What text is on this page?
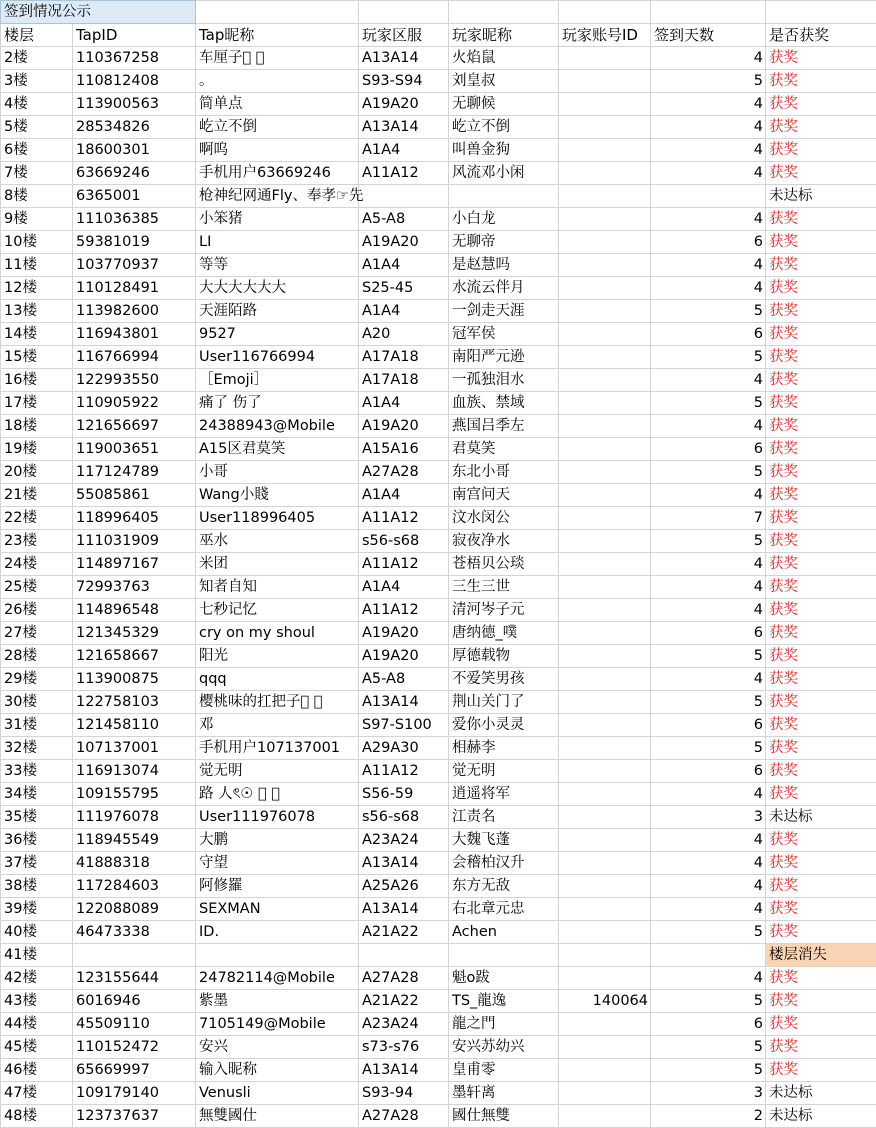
签到情况公示							
楼层	TapID	Tap昵称	玩家区服	玩家昵称	玩家账号ID	签到天数	是否获奖
2楼	110367258	车厘子􏿽 􏿽	A13A14	火焰鼠		4	获奖
3楼	110812408	。	S93-S94	刘皇叔		5	获奖
4楼	113900563	简单点	A19A20	无聊候		4	获奖
5楼	28534826	屹立不倒	A13A14	屹立不倒		4	获奖
6楼	18600301	啊呜	A1A4	叫兽金狗		4	获奖
7楼	63669246	手机用户63669246	A11A12	风流邓小闲		4	获奖
8楼	6365001	枪神纪网通Fly、奉孝☞先					未达标
9楼	111036385	小笨猪	A5-A8	小白龙		4	获奖
10楼	59381019	LI	A19A20	无聊帝		6	获奖
11楼	103770937	等等	A1A4	是赵慧吗		4	获奖
12楼	110128491	大大大大大大	S25-45	水流云伴月		4	获奖
13楼	113982600	天涯陌路	A1A4	一剑走天涯		5	获奖
14楼	116943801	9527	A20	冠军侯		6	获奖
15楼	116766994	User116766994	A17A18	南阳严元逊		5	获奖
16楼	122993550	［Emoji］	A17A18	一孤独泪水		4	获奖
17楼	110905922	痛了 伤了	A1A4	血族、禁域		5	获奖
18楼	121656697	24388943@Mobile	A19A20	燕国吕季左		4	获奖
19楼	119003651	A15区君莫笑	A15A16	君莫笑		6	获奖
20楼	117124789	小哥	A27A28	东北小哥		5	获奖
21楼	55085861	Wang小賤	A1A4	南宫问天		4	获奖
22楼	118996405	User118996405	A11A12	汶水闵公		7	获奖
23楼	111031909	巫水	s56-s68	寂夜净水		5	获奖
24楼	114897167	米团	A11A12	苍梧贝公琰		4	获奖
25楼	72993763	知者自知	A1A4	三生三世		4	获奖
26楼	114896548	七秒记忆	A11A12	清河岑子元		4	获奖
27楼	121345329	cry on my shoul	A19A20	唐纳德_噗		6	获奖
28楼	121658667	阳光	A19A20	厚德载物		5	获奖
29楼	113900875	qqq	A5-A8	不爱笑男孩		4	获奖
30楼	122758103	樱桃味的扛把子􏿽 􏿽	A13A14	荆山关门了		5	获奖
31楼	121458110	邓	S97-S100	爱你小灵灵		6	获奖
32楼	107137001	手机用户107137001	A29A30	相赫李		5	获奖
33楼	116913074	觉无明	A11A12	觉无明		6	获奖
34楼	109155795	路 人ৎ☉ 􏿽 􏿽	S56-59	逍遥将军		4	获奖
35楼	111976078	User111976078	s56-s68	江责名		3	未达标
36楼	118945549	大鹏	A23A24	大魏飞蓬		4	获奖
37楼	41888318	守望	A13A14	会稽柏汉升		4	获奖
38楼	117284603	阿修羅	A25A26	东方无敌		4	获奖
39楼	122088089	SEXMAN	A13A14	右北章元忠		4	获奖
40楼	46473338	ID.	A21A22	Achen		5	获奖
41楼							楼层消失
42楼	123155644	24782114@Mobile	A27A28	魁o跋		4	获奖
43楼	6016946	紫墨	A21A22	TS_龍逸	140064	5	获奖
44楼	45509110	7105149@Mobile	A23A24	龍之門		6	获奖
45楼	110152472	安兴	s73-s76	安兴苏幼兴		5	获奖
46楼	65669997	输入昵称	A13A14	皇甫零		5	获奖
47楼	109179140	Venusli	S93-94	墨轩离		3	未达标
48楼	123737637	無雙國仕	A27A28	國仕無雙		2	未达标
